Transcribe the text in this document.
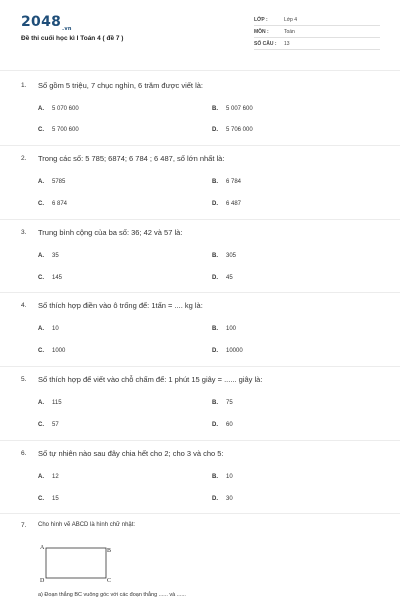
$2048_{.vn}$
Đề thi cuối học kì I Toán 4 ( đề 7 )
LỚP :	Lớp 4
MÔN :	Toán
SỐ CÂU : 13
1. Số gồm 5 triệu, 7 chục nghìn, 6 trăm được viết là:
A. 5 070 600	B. 5 007 600
C. 5 700 600	D. 5 706 000
2. Trong các số: 5 785; 6874; 6 784 ; 6 487, số lớn nhất là:
A. 5785	B. 6 784
C. 6 874	D. 6 487
3. Trung bình cộng của ba số: 36; 42 và 57 là:
A. 35	B. 305
C. 145	D. 45
4. Số thích hợp điền vào ô trống để: 1tấn = .... kg là:
A. 10	B. 100
C. 1000	D. 10000
5. Số thích hợp để viết vào chỗ chấm để: 1 phút 15 giây = ...... giây là:
A. 115	B. 75
C. 57	D. 60
6. Số tự nhiên nào sau đây chia hết cho 2; cho 3 và cho 5:
A. 12	B. 10
C. 15	D. 30
7. Cho hình vẽ ABCD là hình chữ nhật:
A	B
C
D
a) Đoạn thẳng BC vuông góc với các đoạn thẳng ...... và ......
